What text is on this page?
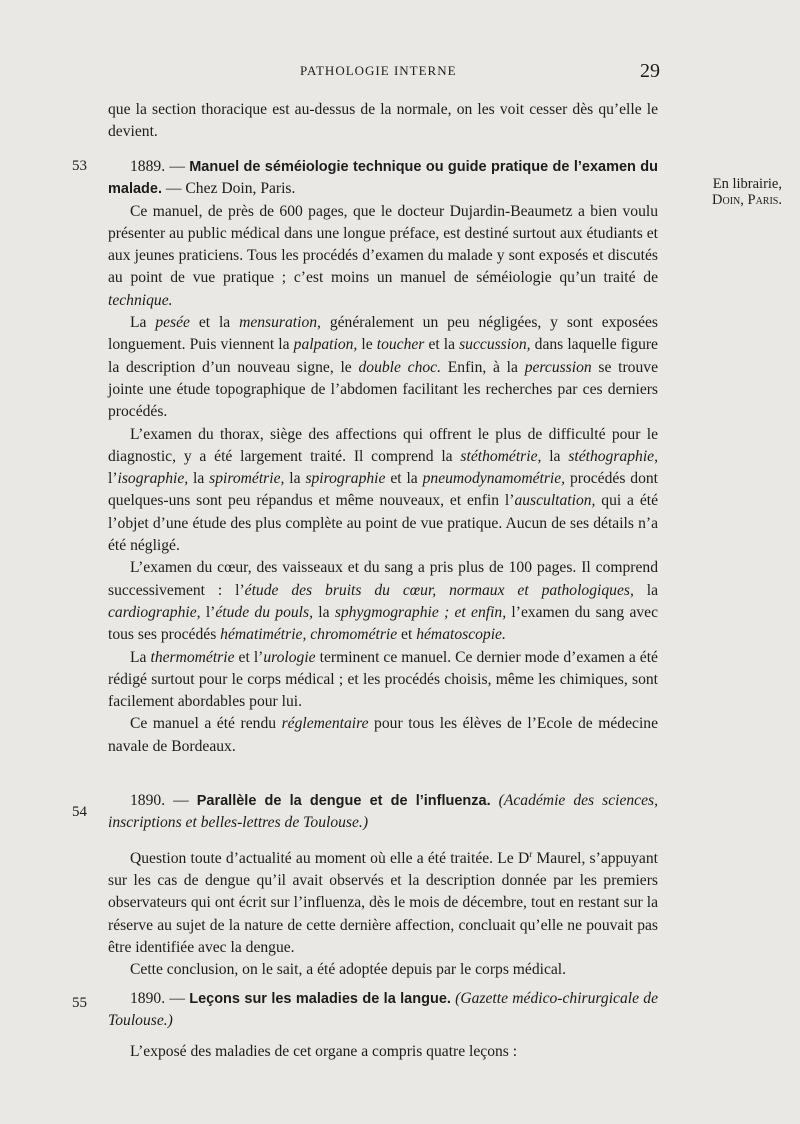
PATHOLOGIE INTERNE	29

que la section thoracique est au-dessus de la normale, on les voit cesser dès qu’elle le devient.

53
En librairie,
Doin, Paris.

1889. — Manuel de séméiologie technique ou guide pratique de l’examen du malade. — Chez Doin, Paris.

Ce manuel, de près de 600 pages, que le docteur Dujardin-Beaumetz a bien voulu présenter au public médical dans une longue préface, est destiné surtout aux étudiants et aux jeunes praticiens. Tous les procédés d’examen du malade y sont exposés et discutés au point de vue pratique ; c’est moins un manuel de séméiologie qu’un traité de technique.

La pesée et la mensuration, généralement un peu négligées, y sont exposées longuement. Puis viennent la palpation, le toucher et la succussion, dans laquelle figure la description d’un nouveau signe, le double choc. Enfin, à la percussion se trouve jointe une étude topographique de l’abdomen facilitant les recherches par ces derniers procédés.

L’examen du thorax, siège des affections qui offrent le plus de difficulté pour le diagnostic, y a été largement traité. Il comprend la stéthométrie, la stéthographie, l’isographie, la spirométrie, la spirographie et la pneumodynamométrie, procédés dont quelques-uns sont peu répandus et même nouveaux, et enfin l’auscultation, qui a été l’objet d’une étude des plus complète au point de vue pratique. Aucun de ses détails n’a été négligé.

L’examen du cœur, des vaisseaux et du sang a pris plus de 100 pages. Il comprend successivement : l’étude des bruits du cœur, normaux et pathologiques, la cardiographie, l’étude du pouls, la sphygmographie ; et enfin, l’examen du sang avec tous ses procédés hématimétrie, chromométrie et hématoscopie.

La thermométrie et l’urologie terminent ce manuel. Ce dernier mode d’examen a été rédigé surtout pour le corps médical ; et les procédés choisis, même les chimiques, sont facilement abordables pour lui.

Ce manuel a été rendu réglementaire pour tous les élèves de l’Ecole de médecine navale de Bordeaux.

54

1890. — Parallèle de la dengue et de l’influenza. (Académie des sciences, inscriptions et belles-lettres de Toulouse.)

Question toute d’actualité au moment où elle a été traitée. Le $D^r$ Maurel, s’appuyant sur les cas de dengue qu’il avait observés et la description donnée par les premiers observateurs qui ont écrit sur l’influenza, dès le mois de décembre, tout en restant sur la réserve au sujet de la nature de cette dernière affection, concluait qu’elle ne pouvait pas être identifiée avec la dengue.

Cette conclusion, on le sait, a été adoptée depuis par le corps médical.

55	1890. — Leçons sur les maladies de la langue. (Gazette médico-chirurgicale de Toulouse.)

L’exposé des maladies de cet organe a compris quatre leçons :
